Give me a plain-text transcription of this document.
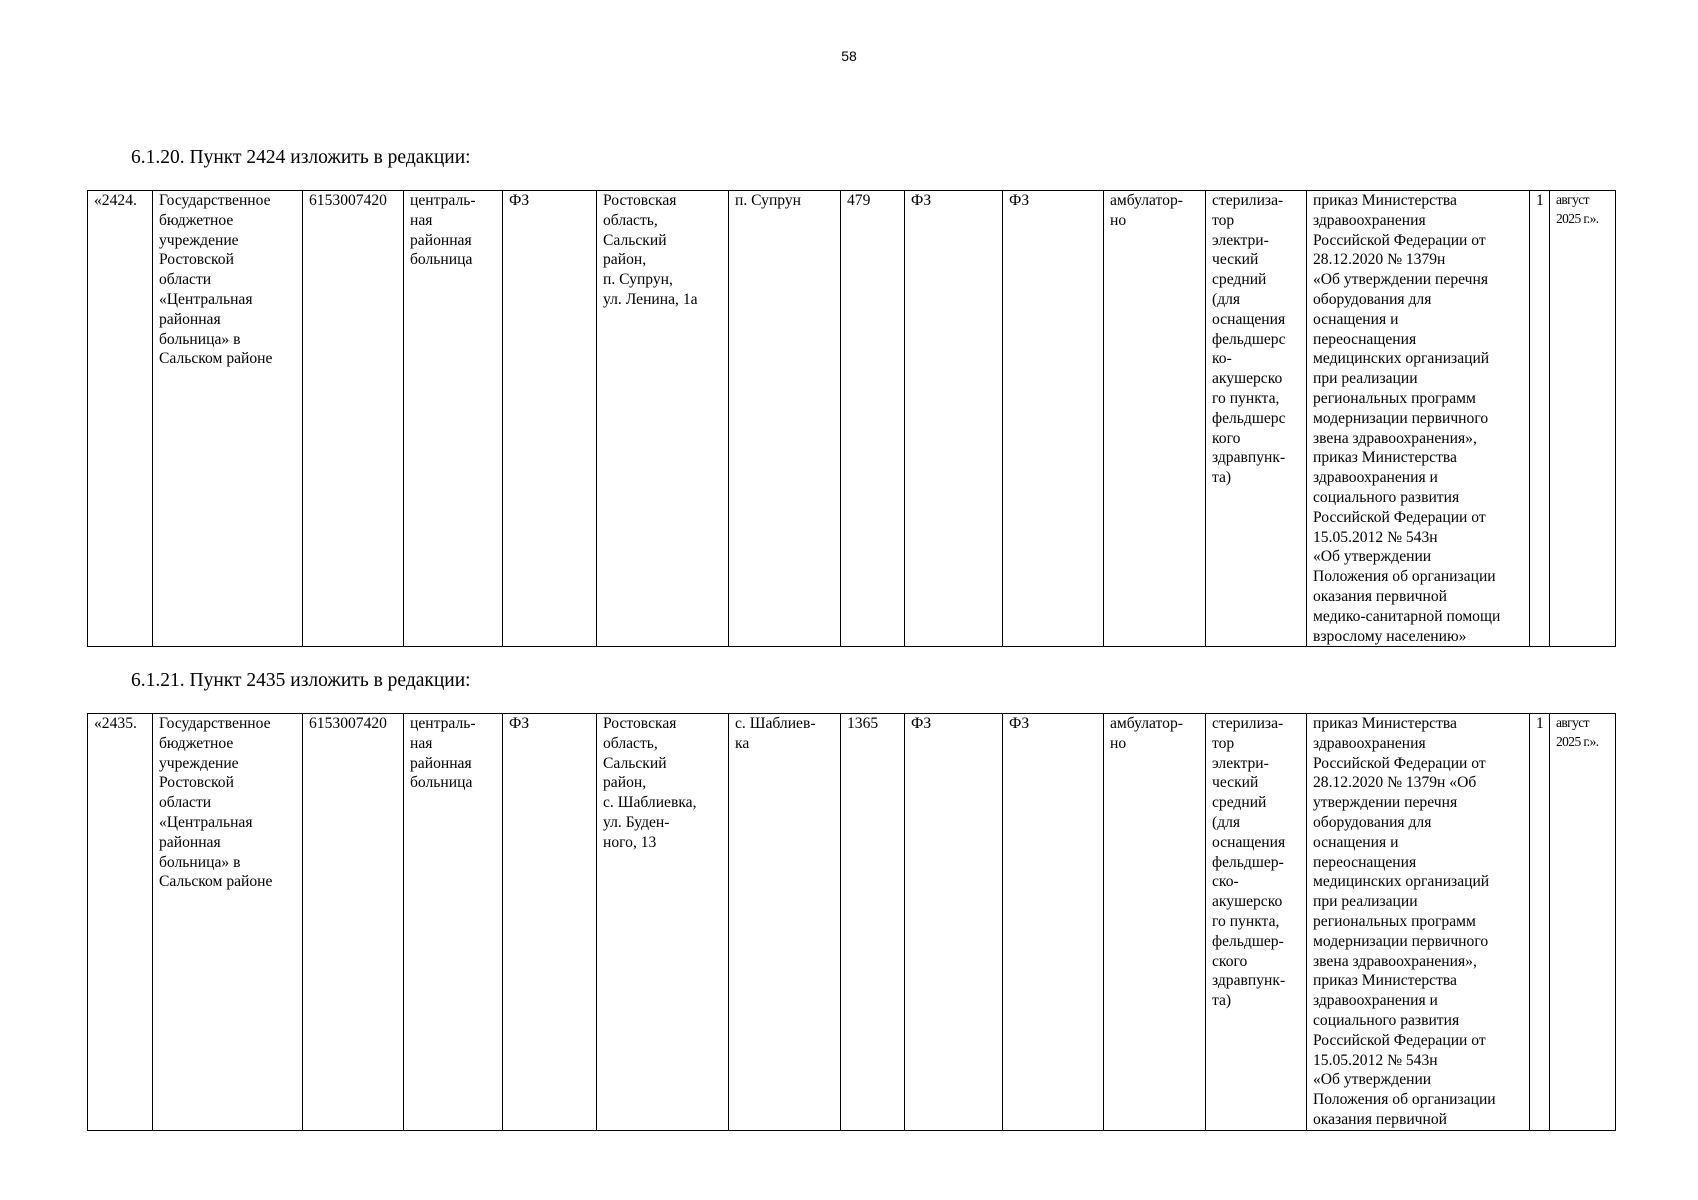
58
6.1.20. Пункт 2424 изложить в редакции:
«2424.	Государственное
бюджетное
учреждение
Ростовской
области
«Центральная
районная
больница» в
Сальском районе	6153007420	централь-
ная
районная
больница	ФЗ	Ростовская
область,
Сальский
район,
п. Супрун,
ул. Ленина, 1а	п. Супрун	479	ФЗ	ФЗ	амбулатор-
но	стерилиза-
тор
электри-
ческий
средний
(для
оснащения
фельдшерс
ко-
акушерско
го пункта,
фельдшерс
кого
здравпунк-
та)	приказ Министерства
здравоохранения
Российской Федерации от
28.12.2020 № 1379н
«Об утверждении перечня
оборудования для
оснащения и
переоснащения
медицинских организаций
при реализации
региональных программ
модернизации первичного
звена здравоохранения»,
приказ Министерства
здравоохранения и
социального развития
Российской Федерации от
15.05.2012 № 543н
«Об утверждении
Положения об организации
оказания первичной
медико-санитарной помощи
взрослому населению»	1	август
2025 г.».
6.1.21. Пункт 2435 изложить в редакции:
«2435.	Государственное
бюджетное
учреждение
Ростовской
области
«Центральная
районная
больница» в
Сальском районе	6153007420	централь-
ная
районная
больница	ФЗ	Ростовская
область,
Сальский
район,
с. Шаблиевка,
ул. Буден-
ного, 13	с. Шаблиев-
ка	1365	ФЗ	ФЗ	амбулатор-
но	стерилиза-
тор
электри-
ческий
средний
(для
оснащения
фельдшер-
ско-
акушерско
го пункта,
фельдшер-
ского
здравпунк-
та)	приказ Министерства
здравоохранения
Российской Федерации от
28.12.2020 № 1379н «Об
утверждении перечня
оборудования для
оснащения и
переоснащения
медицинских организаций
при реализации
региональных программ
модернизации первичного
звена здравоохранения»,
приказ Министерства
здравоохранения и
социального развития
Российской Федерации от
15.05.2012 № 543н
«Об утверждении
Положения об организации
оказания первичной	1	август
2025 г.».
